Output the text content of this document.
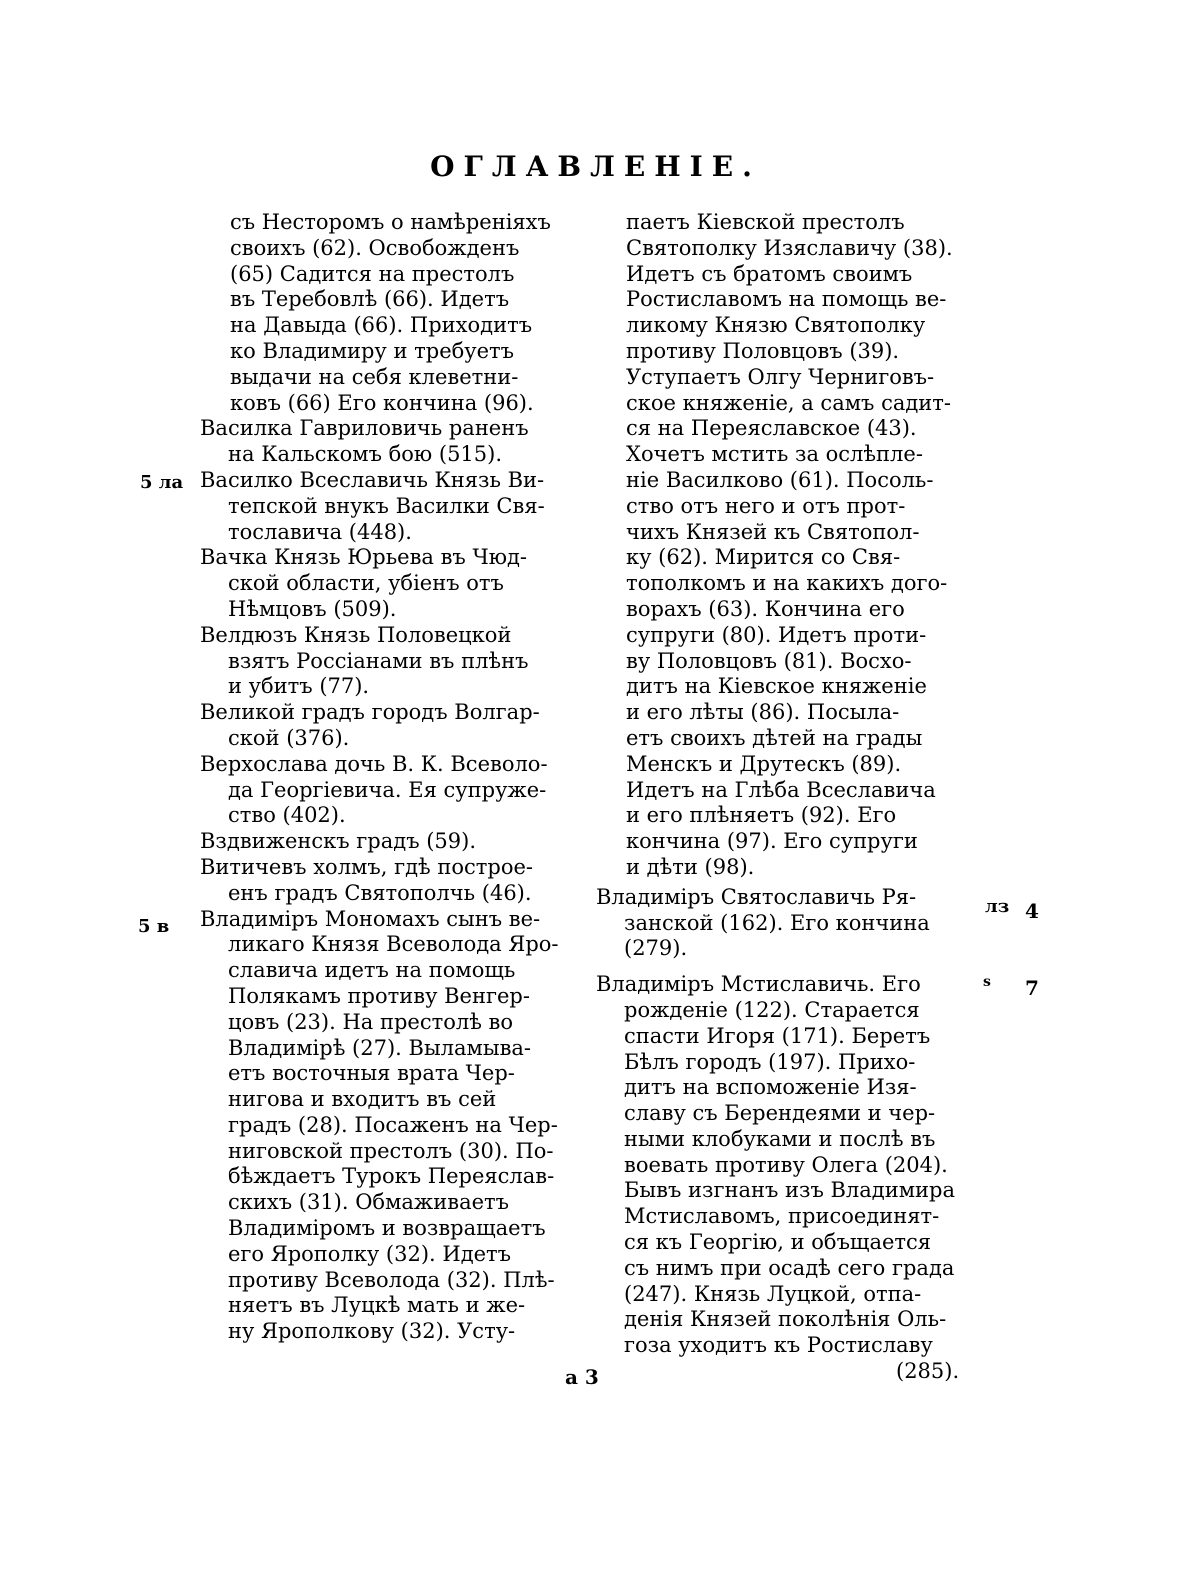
ОГЛАВЛЕНІЕ.
съ Несторомъ о намѣреніяхъ
своихъ (62). Освобожденъ
(65) Садится на престолъ
въ Теребовлѣ (66). Идетъ
на Давыда (66). Приходитъ
ко Владимиру и требуетъ
выдачи на себя клеветни-
ковъ (66) Его кончина (96).
Василка Гавриловичь раненъ
на Кальскомъ бою (515).
Василко Всеславичь Князь Ви-
тепской внукъ Василки Свя-
тославича (448).
Вачка Князь Юрьева въ Чюд-
ской области, убіенъ отъ
Нѣмцовъ (509).
Велдюзъ Князь Половецкой
взятъ Россіанами въ плѣнъ
и убитъ (77).
Великой градъ городъ Волгар-
ской (376).
Верхослава дочь В. К. Всеволо-
да Георгіевича. Ея супруже-
ство (402).
Вздвиженскъ градъ (59).
Витичевъ холмъ, гдѣ построе-
енъ градъ Святополчь (46).
Владиміръ Мономахъ сынъ ве-
ликаго Князя Всеволода Яро-
славича идетъ на помощь
Полякамъ противу Венгер-
цовъ (23). На престолѣ во
Владимірѣ (27). Выламыва-
етъ восточныя врата Чер-
нигова и входитъ въ сей
градъ (28). Посаженъ на Чер-
ниговской престолъ (30). По-
бѣждаетъ Турокъ Переяслав-
скихъ (31). Обмаживаетъ
Владиміромъ и возвращаетъ
его Ярополку (32). Идетъ
противу Всеволода (32). Плѣ-
няетъ въ Луцкѣ мать и же-
ну Ярополкову (32). Усту-
паетъ Кіевской престолъ
Святополку Изяславичу (38).
Идетъ съ братомъ своимъ
Ростиславомъ на помощь ве-
ликому Князю Святополку
противу Половцовъ (39).
Уступаетъ Олгу Черниговъ-
ское княженіе, а самъ садит-
ся на Переяславское (43).
Хочетъ мстить за ослѣпле-
ніе Василково (61). Посоль-
ство отъ него и отъ прот-
чихъ Князей къ Святопол-
ку (62). Мирится со Свя-
тополкомъ и на какихъ дого-
ворахъ (63). Кончина его
супруги (80). Идетъ проти-
ву Половцовъ (81). Восхо-
дитъ на Кіевское княженіе
и его лѣты (86). Посыла-
етъ своихъ дѣтей на грады
Менскъ и Друтескъ (89).
Идетъ на Глѣба Всеславича
и его плѣняетъ (92). Его
кончина (97). Его супруги
и дѣти (98).
Владиміръ Святославичь Ря-
занской (162). Его кончина
(279).
Владиміръ Мстиславичь. Его
рожденіе (122). Старается
спасти Игоря (171). Беретъ
Бѣлъ городъ (197). Прихо-
дитъ на вспоможеніе Изя-
славу съ Берендеями и чер-
ными клобуками и послѣ въ
воевать противу Олега (204).
Бывъ изгнанъ изъ Владимира
Мстиславомъ, присоединят-
ся къ Георгію, и объщается
съ нимъ при осадѣ сего града
(247). Князь Луцкой, отпа-
денія Князей поколѣнія Оль-
гоза уходитъ къ Ростиславу
(285).
5 ла
5 в
лз 4
s 7
а 3
